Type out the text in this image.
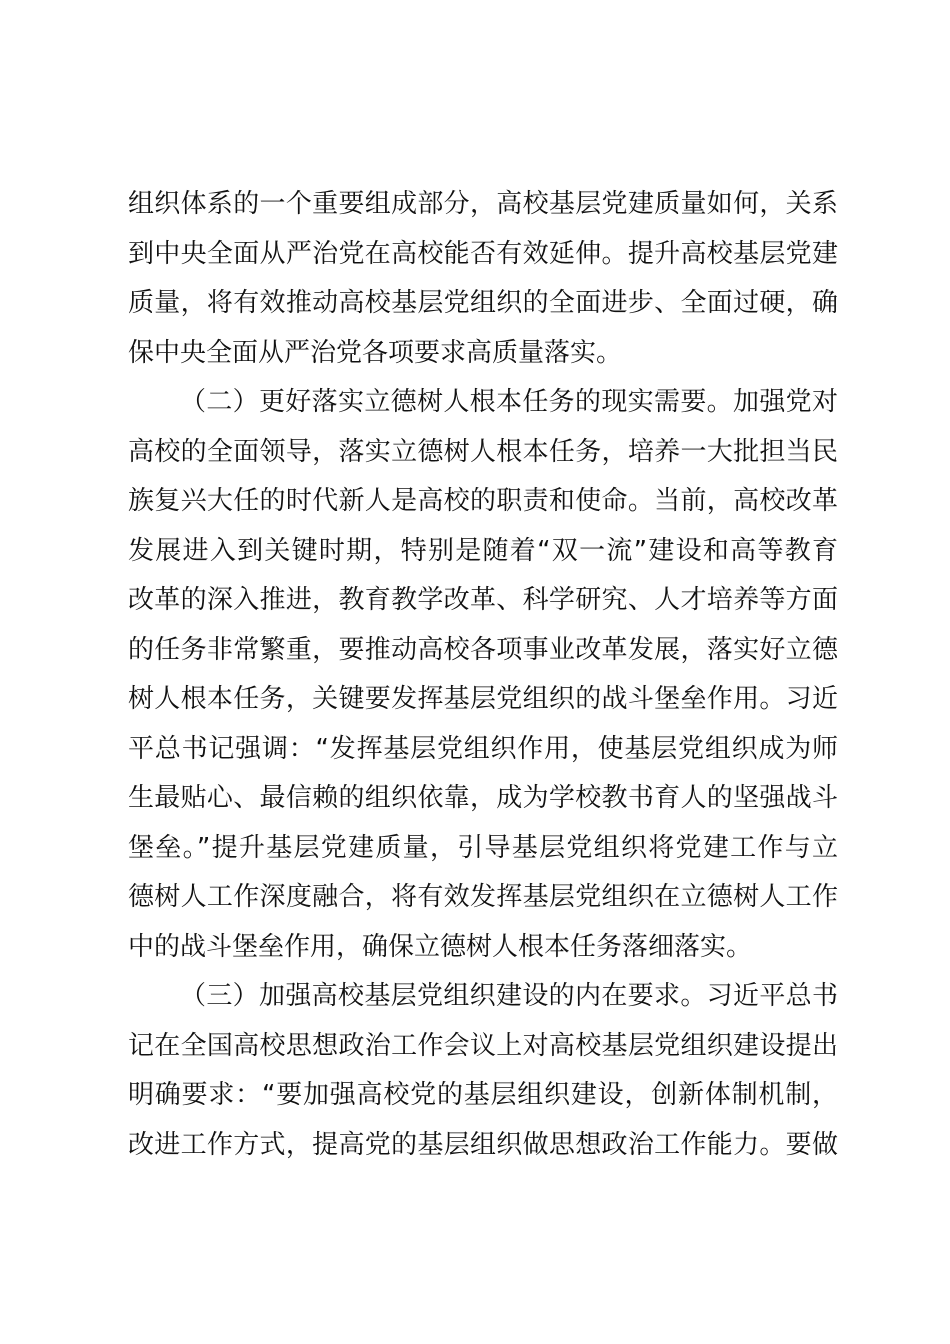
组织体系的一个重要组成部分，高校基层党建质量如何，关系

到中央全面从严治党在高校能否有效延伸。提升高校基层党建

质量，将有效推动高校基层党组织的全面进步、全面过硬，确

保中央全面从严治党各项要求高质量落实。

（二）更好落实立德树人根本任务的现实需要。加强党对

高校的全面领导，落实立德树人根本任务，培养一大批担当民

族复兴大任的时代新人是高校的职责和使命。当前，高校改革

发展进入到关键时期，特别是随着“双一流”建设和高等教育

改革的深入推进，教育教学改革、科学研究、人才培养等方面

的任务非常繁重，要推动高校各项事业改革发展，落实好立德

树人根本任务，关键要发挥基层党组织的战斗堡垒作用。习近

平总书记强调：“发挥基层党组织作用，使基层党组织成为师

生最贴心、最信赖的组织依靠，成为学校教书育人的坚强战斗

堡垒。”提升基层党建质量，引导基层党组织将党建工作与立

德树人工作深度融合，将有效发挥基层党组织在立德树人工作

中的战斗堡垒作用，确保立德树人根本任务落细落实。

（三）加强高校基层党组织建设的内在要求。习近平总书

记在全国高校思想政治工作会议上对高校基层党组织建设提出

明确要求：“要加强高校党的基层组织建设，创新体制机制，

改进工作方式，提高党的基层组织做思想政治工作能力。要做
